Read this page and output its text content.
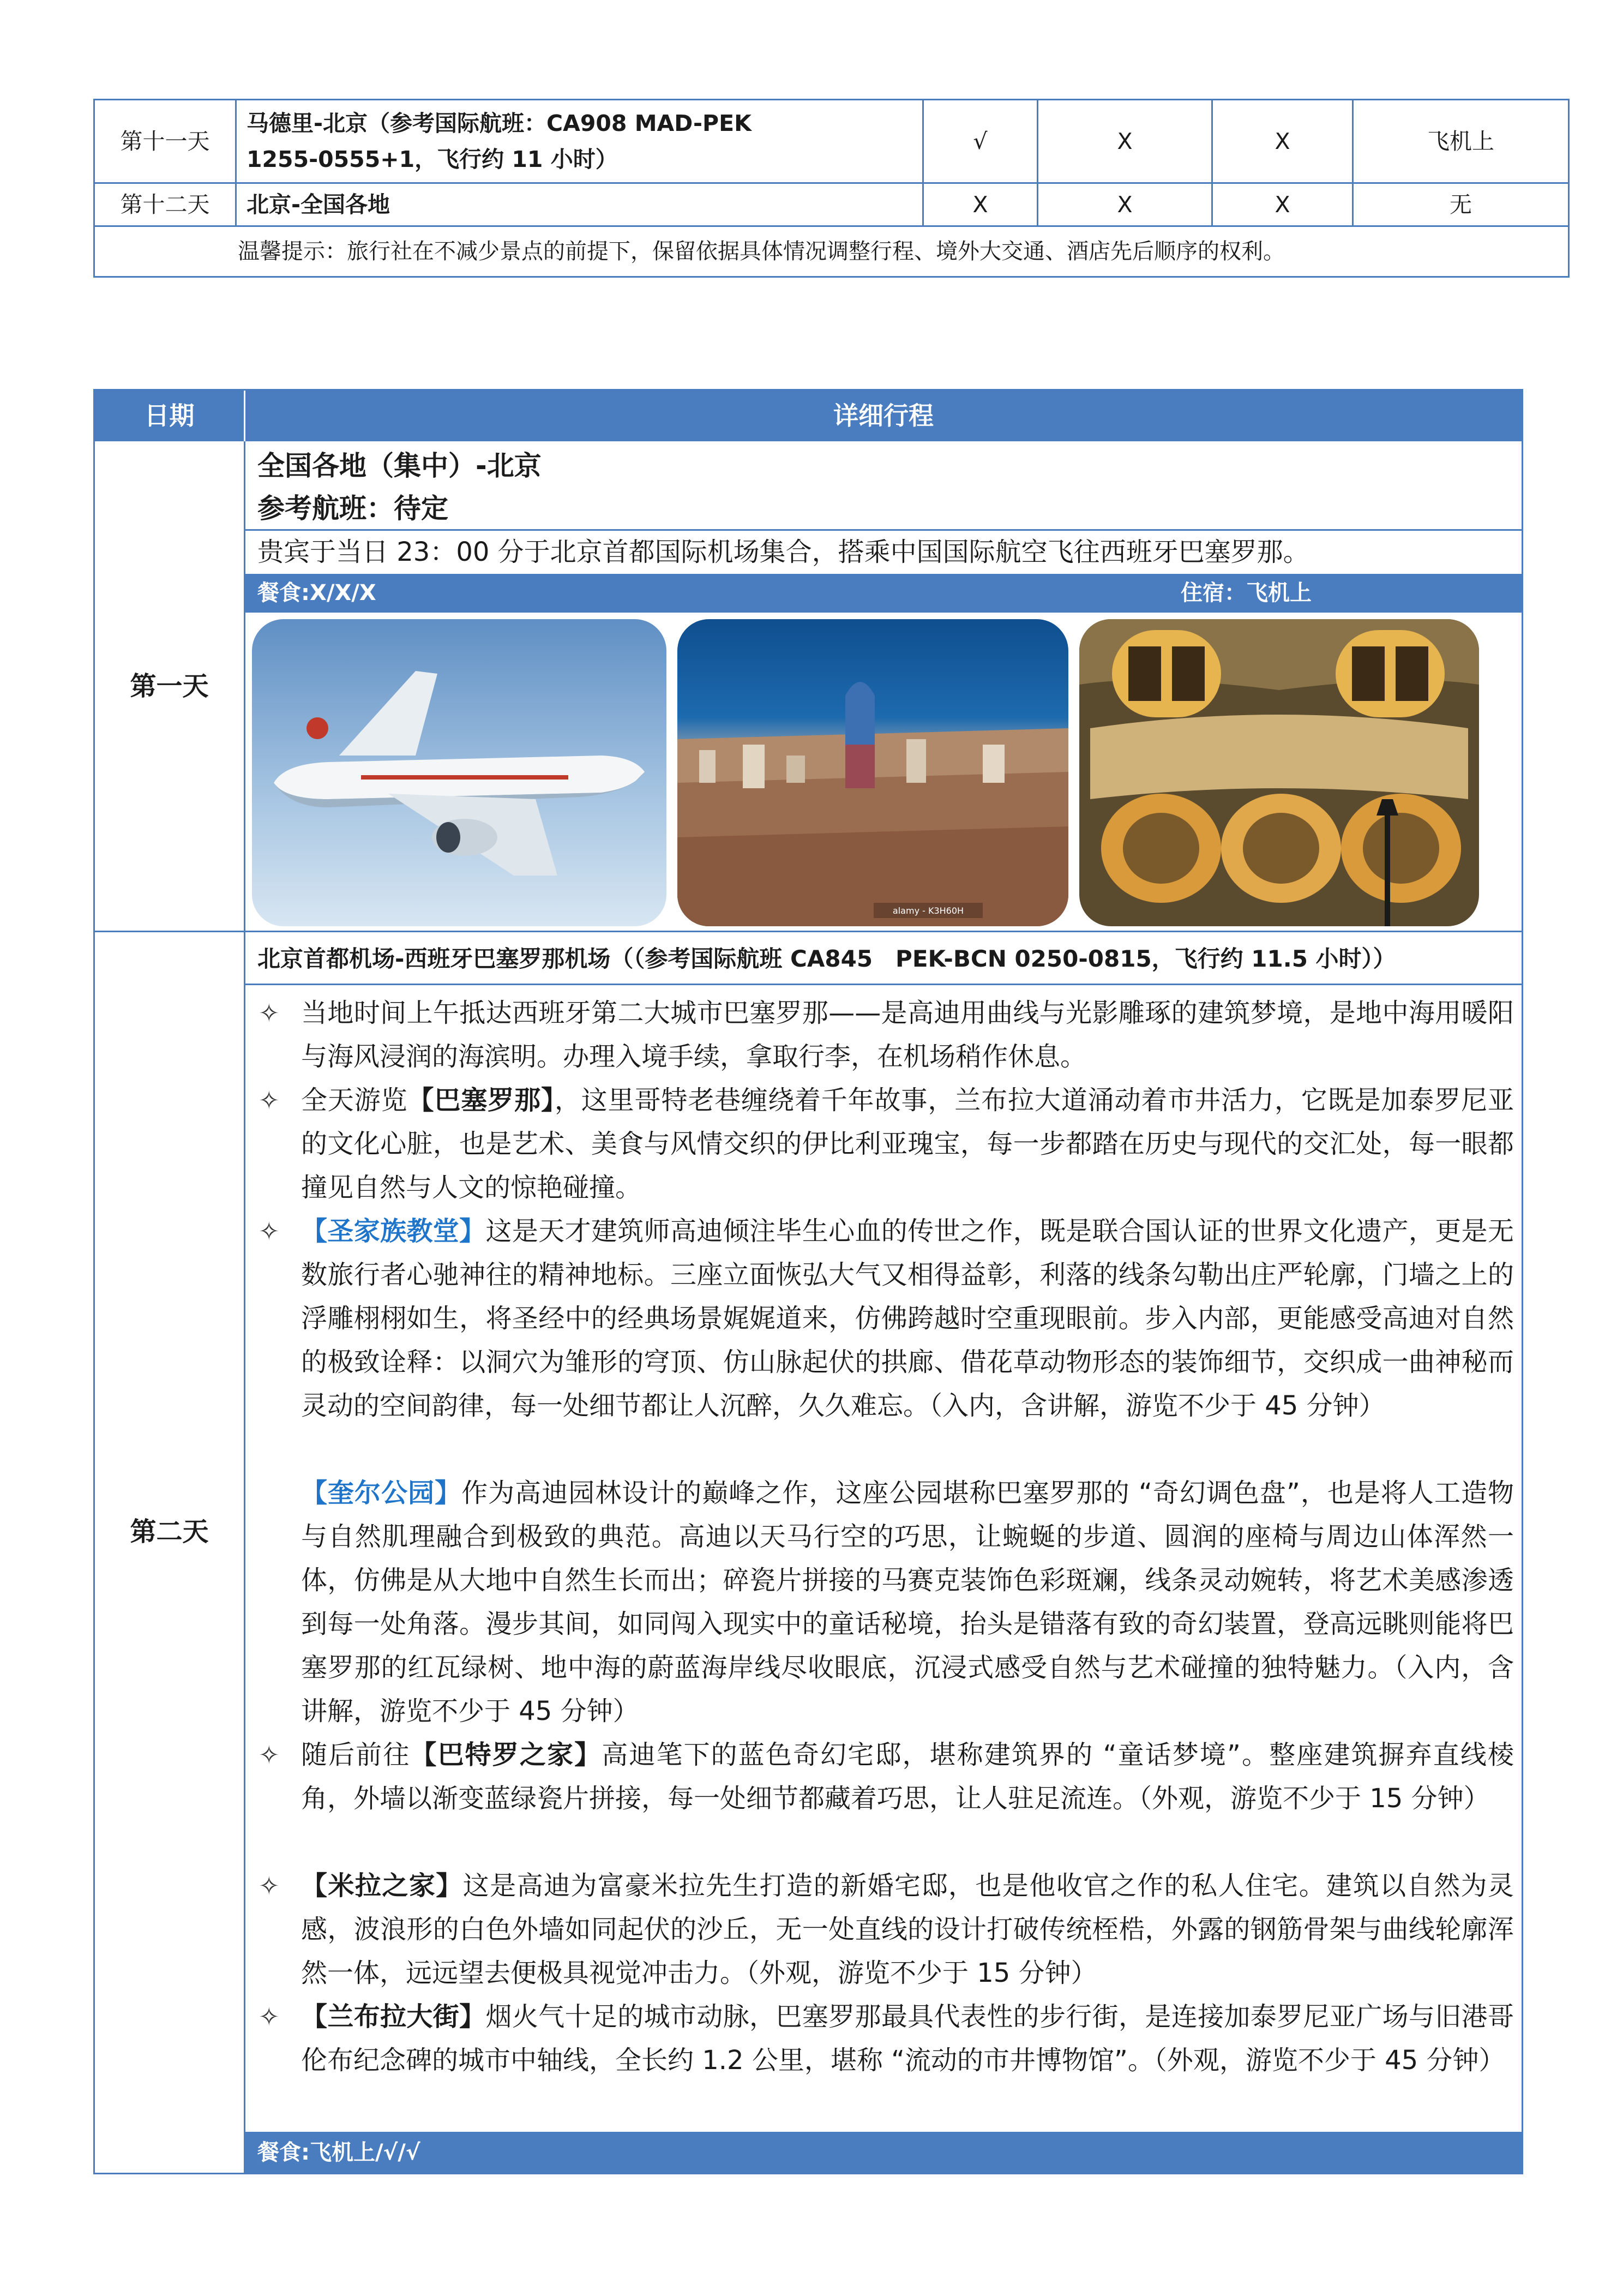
第十一天	马德里-北京（参考国际航班：CA908 MAD-PEK
1255-0555+1，飞行约 11 小时）	√	X	X	飞机上
第十二天	北京-全国各地	X	X	X	无
温馨提示：旅行社在不减少景点的前提下，保留依据具体情况调整行程、境外大交通、酒店先后顺序的权利。					
日期	详细行程
第一天
全国各地（集中）-北京
参考航班：待定
贵宾于当日 23：00 分于北京首都国际机场集合，搭乘中国国际航空飞往西班牙巴塞罗那。
餐食:X/X/X	住宿：飞机上
alamy - K3H60H
第二天
北京首都机场-西班牙巴塞罗那机场（（参考国际航班 CA845　PEK-BCN 0250-0815，飞行约 11.5 小时））
✧ 当地时间上午抵达西班牙第二大城市巴塞罗那——是高迪用曲线与光影雕琢的建筑梦境，是地中海用暖阳与海风浸润的海滨明。办理入境手续，拿取行李，在机场稍作休息。
✧ 全天游览【巴塞罗那】，这里哥特老巷缠绕着千年故事，兰布拉大道涌动着市井活力，它既是加泰罗尼亚的文化心脏，也是艺术、美食与风情交织的伊比利亚瑰宝，每一步都踏在历史与现代的交汇处，每一眼都撞见自然与人文的惊艳碰撞。
✧ 【圣家族教堂】这是天才建筑师高迪倾注毕生心血的传世之作，既是联合国认证的世界文化遗产，更是无数旅行者心驰神往的精神地标。三座立面恢弘大气又相得益彰，利落的线条勾勒出庄严轮廓，门墙之上的浮雕栩栩如生，将圣经中的经典场景娓娓道来，仿佛跨越时空重现眼前。步入内部，更能感受高迪对自然的极致诠释：以洞穴为雏形的穹顶、仿山脉起伏的拱廊、借花草动物形态的装饰细节，交织成一曲神秘而灵动的空间韵律，每一处细节都让人沉醉，久久难忘。（入内，含讲解，游览不少于 45 分钟）
【奎尔公园】作为高迪园林设计的巅峰之作，这座公园堪称巴塞罗那的 “奇幻调色盘”，也是将人工造物与自然肌理融合到极致的典范。高迪以天马行空的巧思，让蜿蜒的步道、圆润的座椅与周边山体浑然一体，仿佛是从大地中自然生长而出；碎瓷片拼接的马赛克装饰色彩斑斓，线条灵动婉转，将艺术美感渗透到每一处角落。漫步其间，如同闯入现实中的童话秘境，抬头是错落有致的奇幻装置，登高远眺则能将巴塞罗那的红瓦绿树、地中海的蔚蓝海岸线尽收眼底，沉浸式感受自然与艺术碰撞的独特魅力。（入内，含讲解，游览不少于 45 分钟）
✧ 随后前往【巴特罗之家】高迪笔下的蓝色奇幻宅邸，堪称建筑界的 “童话梦境”。整座建筑摒弃直线棱角，外墙以渐变蓝绿瓷片拼接，每一处细节都藏着巧思，让人驻足流连。（外观，游览不少于 15 分钟）
✧ 【米拉之家】这是高迪为富豪米拉先生打造的新婚宅邸，也是他收官之作的私人住宅。建筑以自然为灵感，波浪形的白色外墙如同起伏的沙丘，无一处直线的设计打破传统桎梏，外露的钢筋骨架与曲线轮廓浑然一体，远远望去便极具视觉冲击力。（外观，游览不少于 15 分钟）
✧ 【兰布拉大街】烟火气十足的城市动脉，巴塞罗那最具代表性的步行街，是连接加泰罗尼亚广场与旧港哥伦布纪念碑的城市中轴线，全长约 1.2 公里，堪称 “流动的市井博物馆”。（外观，游览不少于 45 分钟）
餐食:飞机上/√/√
